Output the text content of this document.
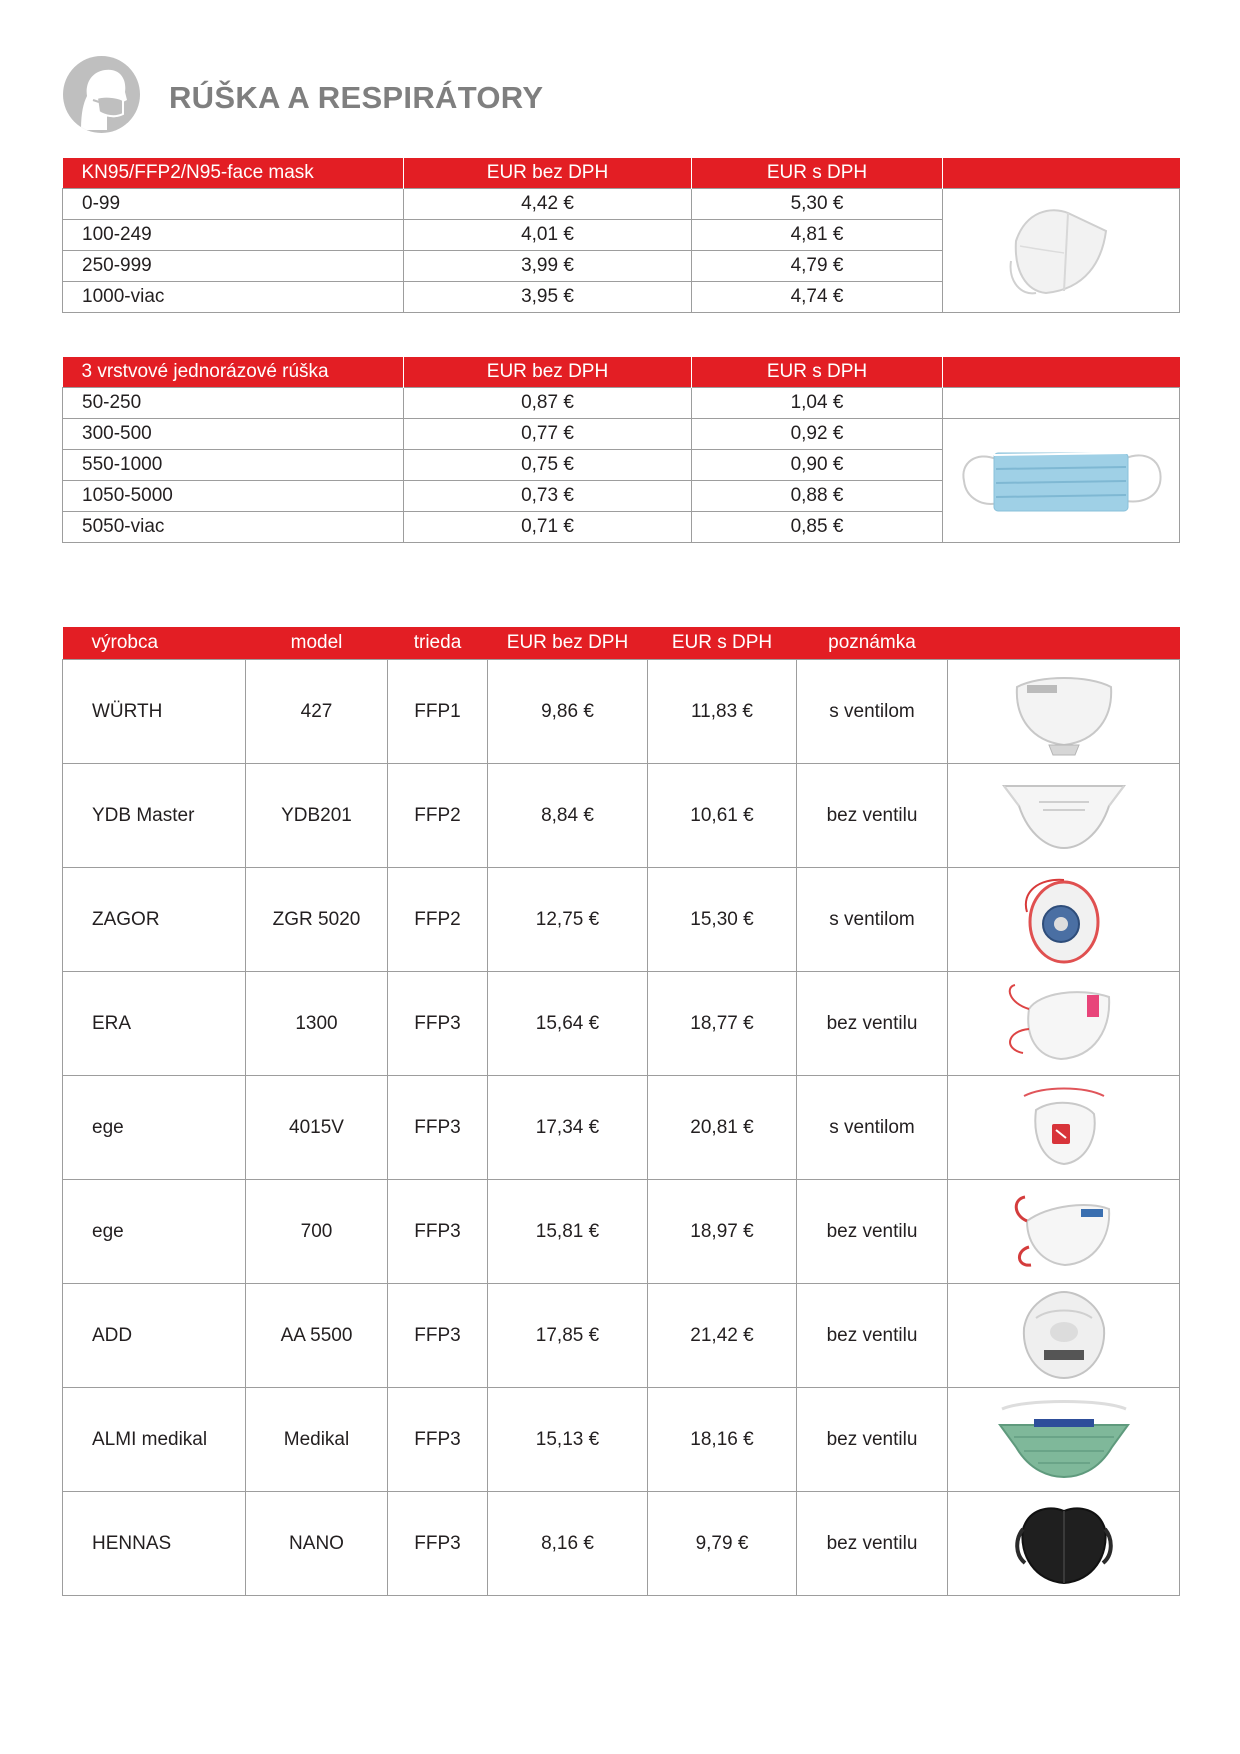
RÚŠKA A RESPIRÁTORY
KN95/FFP2/N95-face mask	EUR bez DPH	EUR s DPH	
0-99	4,42 €	5,30 €	

100-249	4,01 €	4,81 €	
250-999	3,99 €	4,79 €	
1000-viac	3,95 €	4,74 €	
3 vrstvové jednorázové rúška	EUR bez DPH	EUR s DPH	
50-250	0,87 €	1,04 €	
300-500	0,77 €	0,92 €	

550-1000	0,75 €	0,90 €	
1050-5000	0,73 €	0,88 €	
5050-viac	0,71 €	0,85 €	
výrobca	model	trieda	EUR bez DPH	EUR s DPH	poznámka	
WÜRTH	427	FFP1	9,86 €	11,83 €	s ventilom	

YDB Master	YDB201	FFP2	8,84 €	10,61 €	bez ventilu	

ZAGOR	ZGR 5020	FFP2	12,75 €	15,30 €	s ventilom	

ERA	1300	FFP3	15,64 €	18,77 €	bez ventilu	

ege	4015V	FFP3	17,34 €	20,81 €	s ventilom	

ege	700	FFP3	15,81 €	18,97 €	bez ventilu	

ADD	AA 5500	FFP3	17,85 €	21,42 €	bez ventilu	

ALMI medikal	Medikal	FFP3	15,13 €	18,16 €	bez ventilu	

HENNAS	NANO	FFP3	8,16 €	9,79 €	bez ventilu	
